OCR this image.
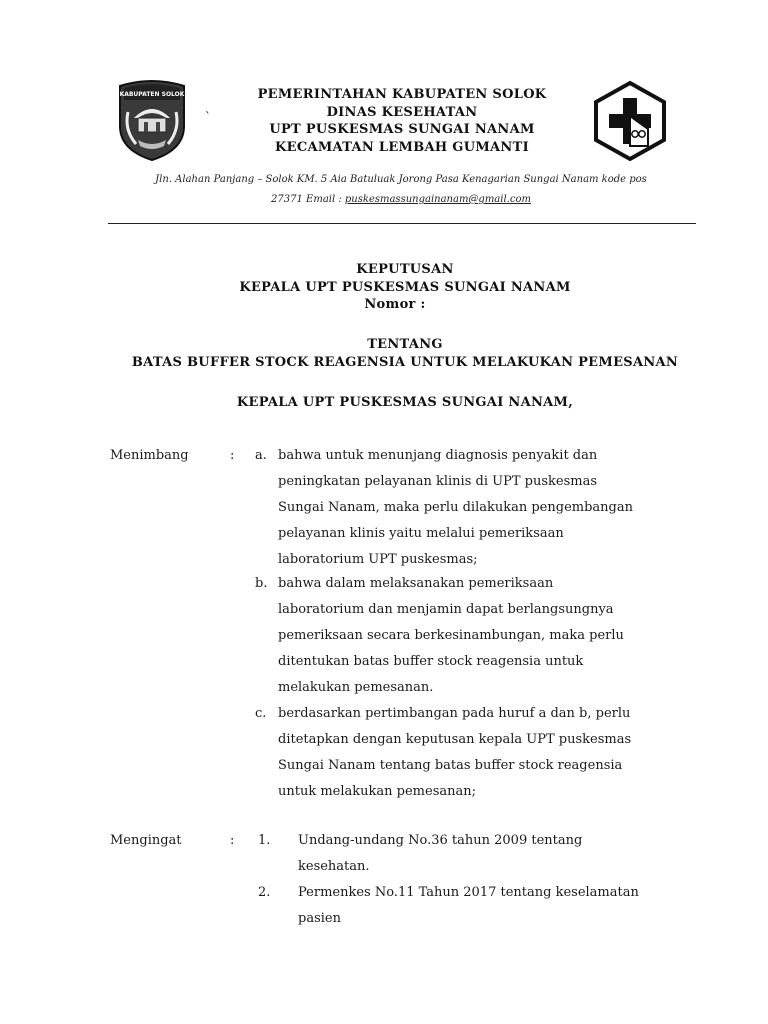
KABUPATEN SOLOK
`
PEMERINTAHAN KABUPATEN SOLOK
DINAS KESEHATAN
UPT PUSKESMAS SUNGAI NANAM
KECAMATAN LEMBAH GUMANTI
Jln. Alahan Panjang – Solok KM. 5 Aia Batuluak Jorong Pasa Kenagarian Sungai Nanam kode pos
27371 Email : puskesmassungainanam@gmail.com
KEPUTUSAN
KEPALA UPT PUSKESMAS SUNGAI NANAM
Nomor :
TENTANG
BATAS BUFFER STOCK REAGENSIA UNTUK MELAKUKAN PEMESANAN
KEPALA UPT PUSKESMAS SUNGAI NANAM,
Menimbang	: a. bahwa untuk menunjang diagnosis penyakit dan
peningkatan pelayanan klinis di UPT puskesmas
Sungai Nanam, maka perlu dilakukan pengembangan
pelayanan klinis yaitu melalui pemeriksaan
laboratorium UPT puskesmas;
b. bahwa dalam melaksanakan pemeriksaan
laboratorium dan menjamin dapat berlangsungnya
pemeriksaan secara berkesinambungan, maka perlu
ditentukan batas buffer stock reagensia untuk
melakukan pemesanan.
c. berdasarkan pertimbangan pada huruf a dan b, perlu
ditetapkan dengan keputusan kepala UPT puskesmas
Sungai Nanam tentang batas buffer stock reagensia
untuk melakukan pemesanan;
Mengingat	: 1. Undang-undang No.36 tahun 2009 tentang
kesehatan.
2. Permenkes No.11 Tahun 2017 tentang keselamatan
pasien
